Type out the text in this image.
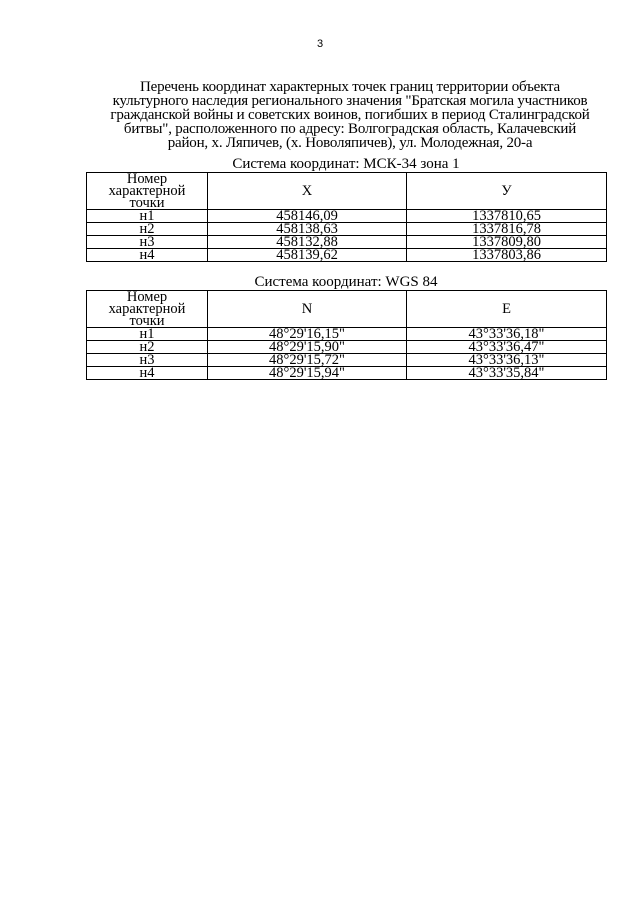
3
Перечень координат характерных точек границ территории объекта
культурного наследия регионального значения "Братская могила участников
гражданской войны и советских воинов, погибших в период Сталинградской
битвы", расположенного по адресу: Волгоградская область, Калачевский
район, х. Ляпичев, (х. Новоляпичев), ул. Молодежная, 20-а
Система координат: МСК-34 зона 1
Номер
характерной
точки	X	У
н1	458146,09	1337810,65
н2	458138,63	1337816,78
н3	458132,88	1337809,80
н4	458139,62	1337803,86
Система координат: WGS 84
Номер
характерной
точки	N	E
н1	48°29'16,15"	43°33'36,18"
н2	48°29'15,90"	43°33'36,47"
н3	48°29'15,72"	43°33'36,13"
н4	48°29'15,94"	43°33'35,84"
